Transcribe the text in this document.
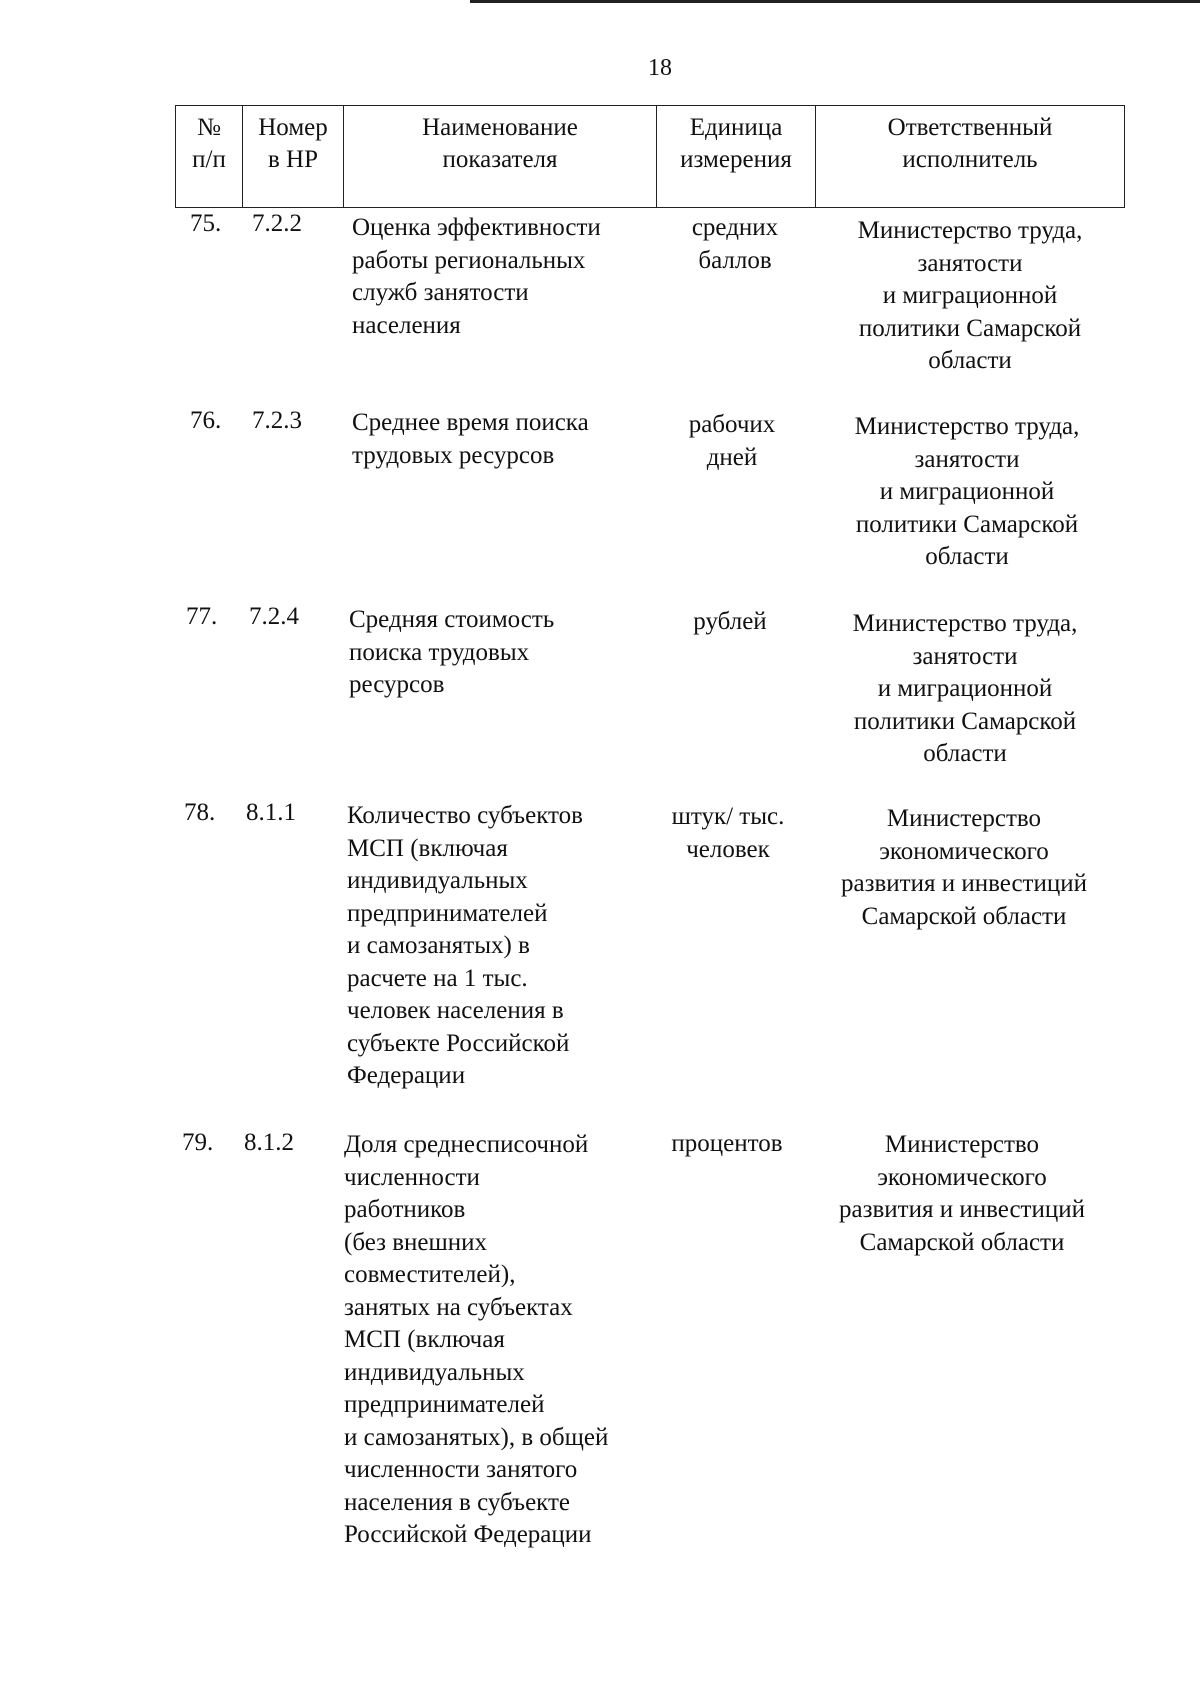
18
№
п/п
Номер
в НР
Наименование
показателя
Единица
измерения
Ответственный
исполнитель
75. 7.2.2 Оценка эффективности
работы региональных
служб занятости
населения
средних
баллов
Министерство труда,
занятости
и миграционной
политики Самарской
области
76. 7.2.3 Среднее время поиска
трудовых ресурсов
рабочих
дней
Министерство труда,
занятости
и миграционной
политики Самарской
области
77. 7.2.4 Средняя стоимость
поиска трудовых
ресурсов
рублей	Министерство труда,
занятости
и миграционной
политики Самарской
области
78. 8.1.1 Количество субъектов
МСП (включая
индивидуальных
предпринимателей
и самозанятых) в
расчете на 1 тыс.
человек населения в
субъекте Российской
Федерации
штук/ тыс.
человек
Министерство
экономического
развития и инвестиций
Самарской области
79. 8.1.2 Доля среднесписочной
численности
работников
(без внешних
совместителей),
занятых на субъектах
МСП (включая
индивидуальных
предпринимателей
и самозанятых), в общей
численности занятого
населения в субъекте
Российской Федерации
процентов	Министерство
экономического
развития и инвестиций
Самарской области
